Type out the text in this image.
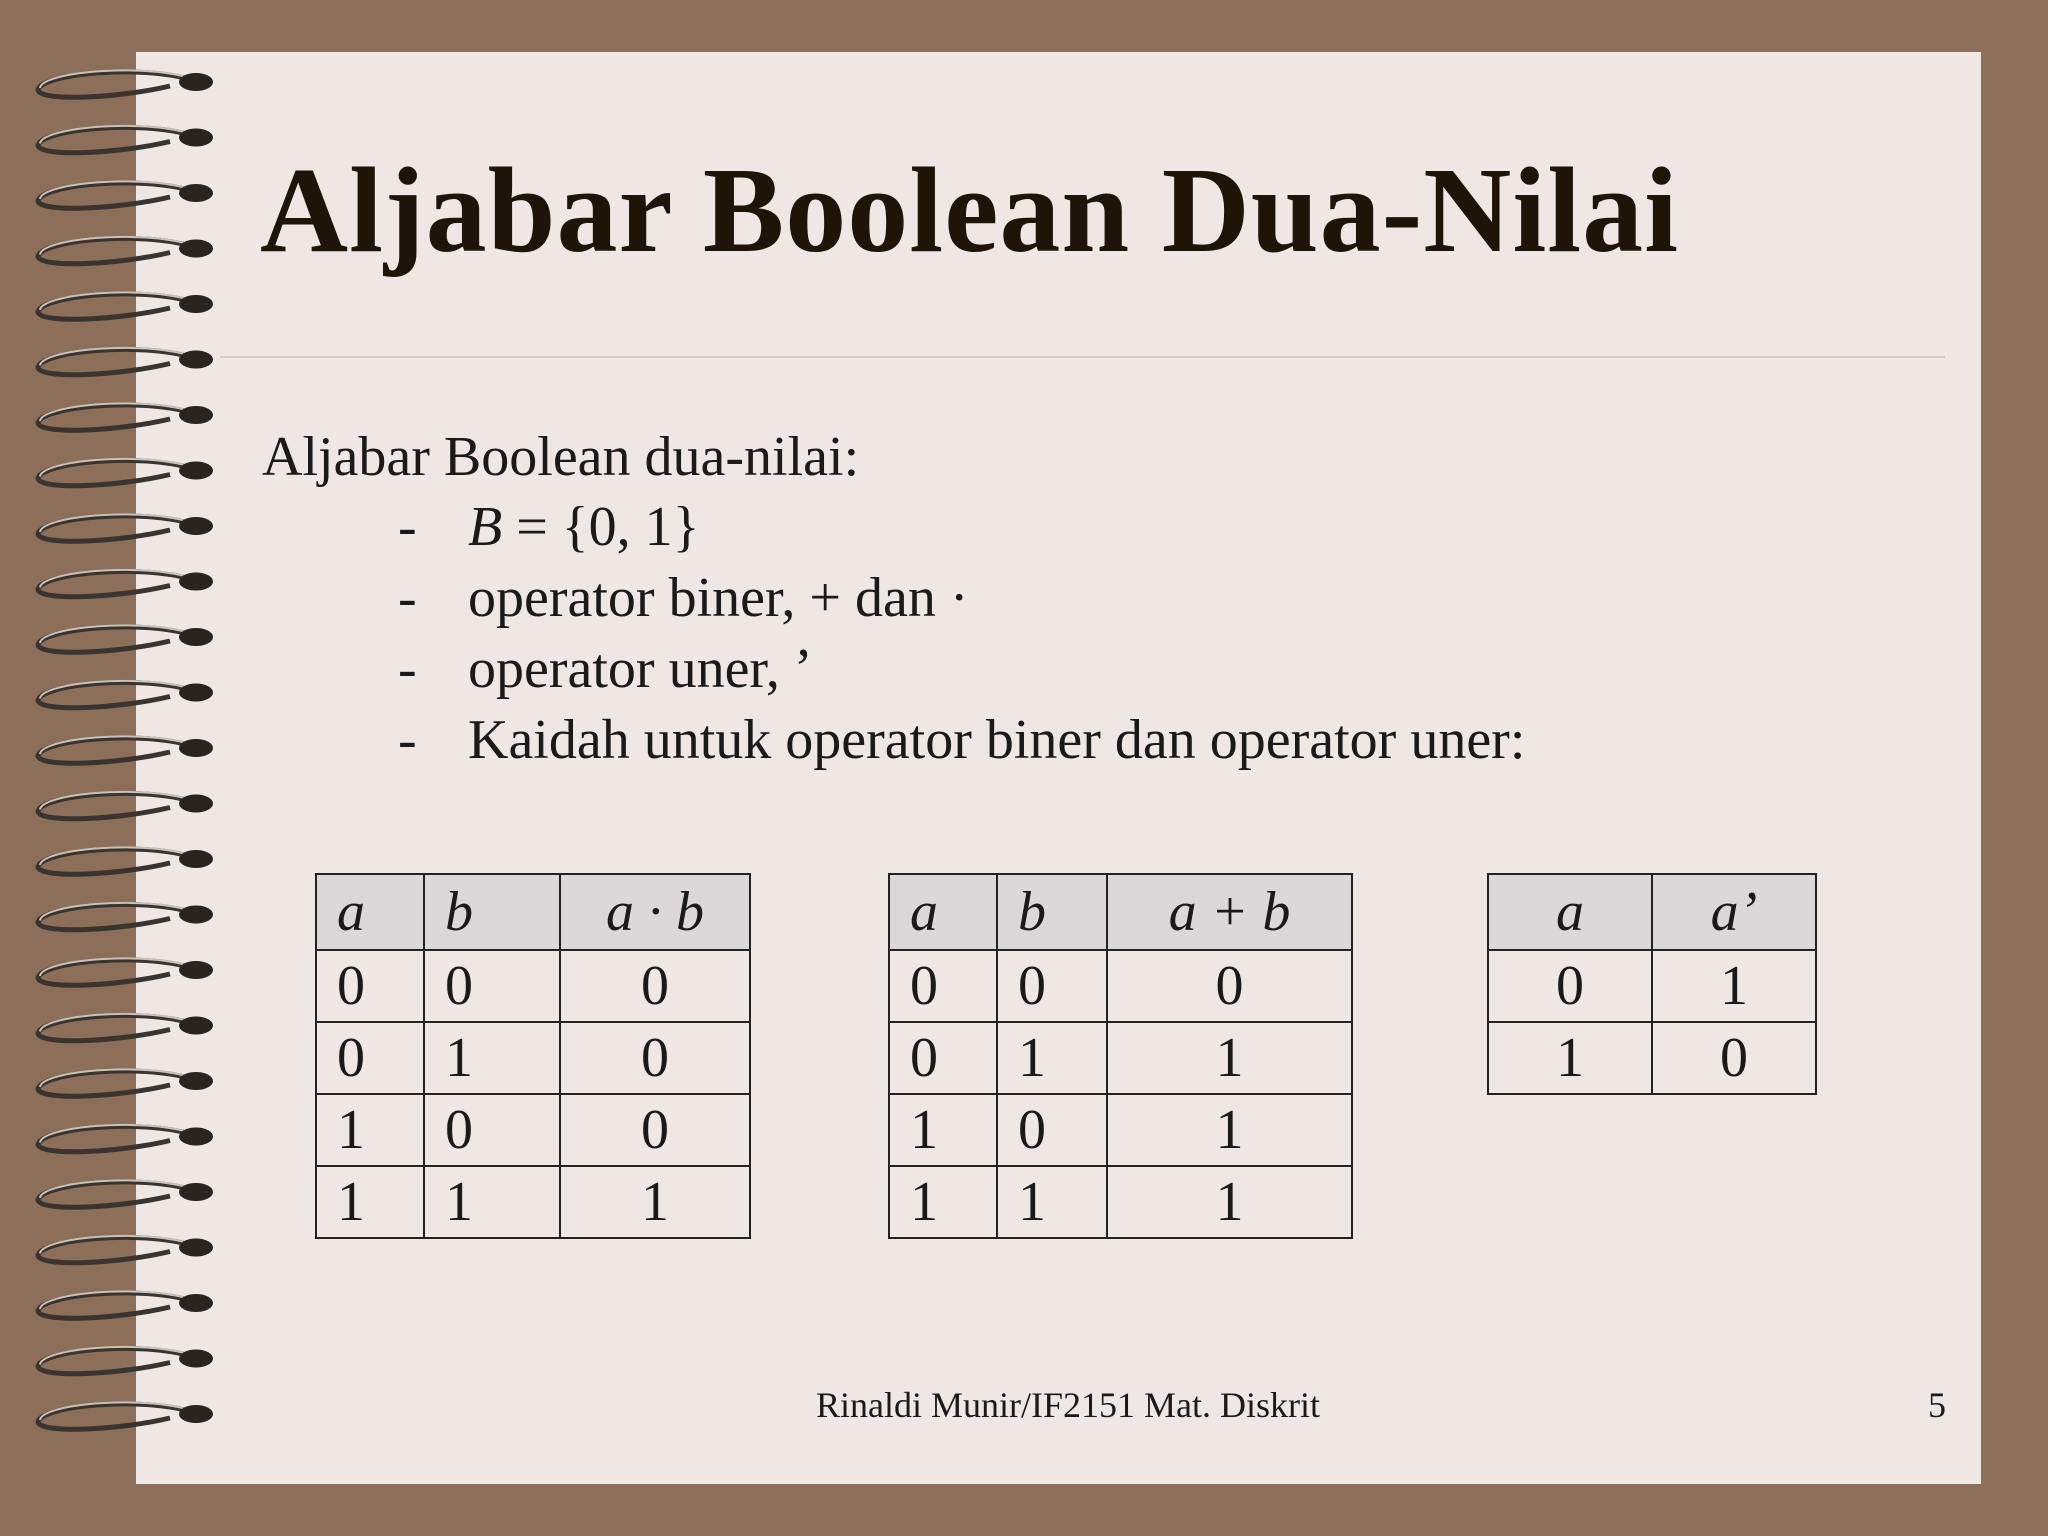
Aljabar Boolean Dua-Nilai
Aljabar Boolean dua-nilai:
- B = {0, 1}
- operator biner, + dan ·
- operator uner, ’
- Kaidah untuk operator biner dan operator uner:
a	b	a · b
0	0	0
0	1	0
1	0	0
1	1	1
a	b	a + b
0	0	0
0	1	1
1	0	1
1	1	1
a	a’
0	1
1	0
Rinaldi Munir/IF2151 Mat. Diskrit	5
